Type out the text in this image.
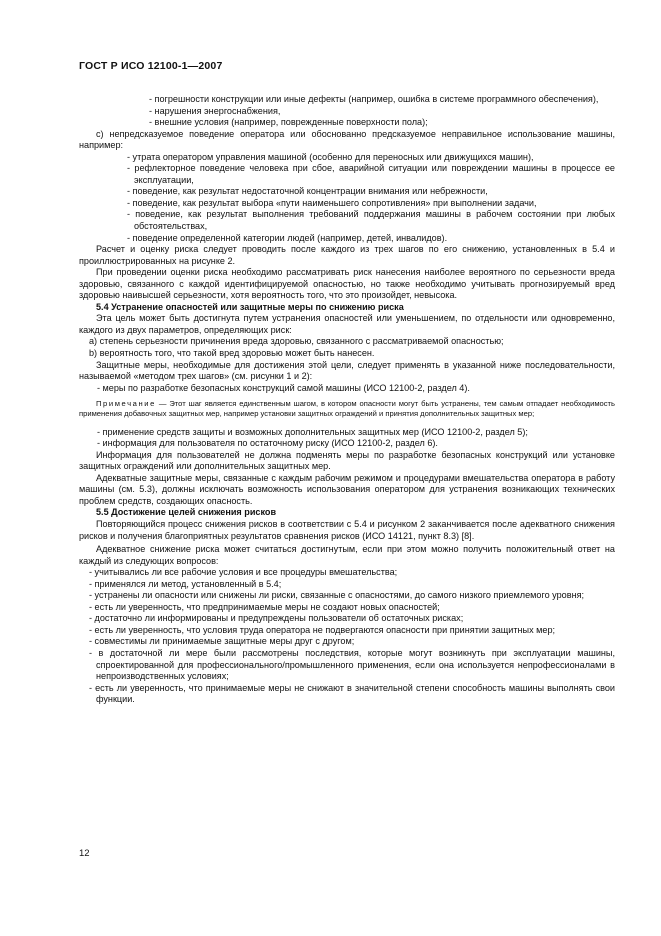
ГОСТ Р ИСО 12100-1—2007

- погрешности конструкции или иные дефекты (например, ошибка в системе программного обеспечения),

- нарушения энергоснабжения,

- внешние условия (например, поврежденные поверхности пола);

с) непредсказуемое поведение оператора или обоснованно предсказуемое неправильное использование машины, например:

- утрата оператором управления машиной (особенно для переносных или движущихся машин),

- рефлекторное поведение человека при сбое, аварийной ситуации или повреждении машины в процессе ее эксплуатации,

- поведение, как результат недостаточной концентрации внимания или небрежности,

- поведение, как результат выбора «пути наименьшего сопротивления» при выполнении задачи,

- поведение, как результат выполнения требований поддержания машины в рабочем состоянии при любых обстоятельствах,

- поведение определенной категории людей (например, детей, инвалидов).

Расчет и оценку риска следует проводить после каждого из трех шагов по его снижению, установленных в 5.4 и проиллюстрированных на рисунке 2.

При проведении оценки риска необходимо рассматривать риск нанесения наиболее вероятного по серьезности вреда здоровью, связанного с каждой идентифицируемой опасностью, но также необходимо учитывать прогнозируемый вред здоровью наивысшей серьезности, хотя вероятность того, что это произойдет, невысока.

5.4 Устранение опасностей или защитные меры по снижению риска

Эта цель может быть достигнута путем устранения опасностей или уменьшением, по отдельности или одновременно, каждого из двух параметров, определяющих риск:

а) степень серьезности причинения вреда здоровью, связанного с рассматриваемой опасностью;

b) вероятность того, что такой вред здоровью может быть нанесен.

Защитные меры, необходимые для достижения этой цели, следует применять в указанной ниже последовательности, называемой «методом трех шагов» (см. рисунки 1 и 2):

- меры по разработке безопасных конструкций самой машины (ИСО 12100-2, раздел 4).

Примечание — Этот шаг является единственным шагом, в котором опасности могут быть устранены, тем самым отпадает необходимость применения добавочных защитных мер, например установки защитных ограждений и принятия дополнительных защитных мер;

- применение средств защиты и возможных дополнительных защитных мер (ИСО 12100-2, раздел 5);

- информация для пользователя по остаточному риску (ИСО 12100-2, раздел 6).

Информация для пользователей не должна подменять меры по разработке безопасных конструкций или установке защитных ограждений или дополнительных защитных мер.

Адекватные защитные меры, связанные с каждым рабочим режимом и процедурами вмешательства оператора в работу машины (см. 5.3), должны исключать возможность использования оператором для устранения возникающих технических проблем средств, создающих опасность.

5.5 Достижение целей снижения рисков

Повторяющийся процесс снижения рисков в соответствии с 5.4 и рисунком 2 заканчивается после адекватного снижения рисков и получения благоприятных результатов сравнения рисков (ИСО 14121, пункт 8.3) [8].

Адекватное снижение риска может считаться достигнутым, если при этом можно получить положительный ответ на каждый из следующих вопросов:

- учитывались ли все рабочие условия и все процедуры вмешательства;

- применялся ли метод, установленный в 5.4;

- устранены ли опасности или снижены ли риски, связанные с опасностями, до самого низкого приемлемого уровня;

- есть ли уверенность, что предпринимаемые меры не создают новых опасностей;

- достаточно ли информированы и предупреждены пользователи об остаточных рисках;

- есть ли уверенность, что условия труда оператора не подвергаются опасности при принятии защитных мер;

- совместимы ли принимаемые защитные меры друг с другом;

- в достаточной ли мере были рассмотрены последствия, которые могут возникнуть при эксплуатации машины, спроектированной для профессионального/промышленного применения, если она используется непрофессионалами в непроизводственных условиях;

- есть ли уверенность, что принимаемые меры не снижают в значительной степени способность машины выполнять свои функции.

12
